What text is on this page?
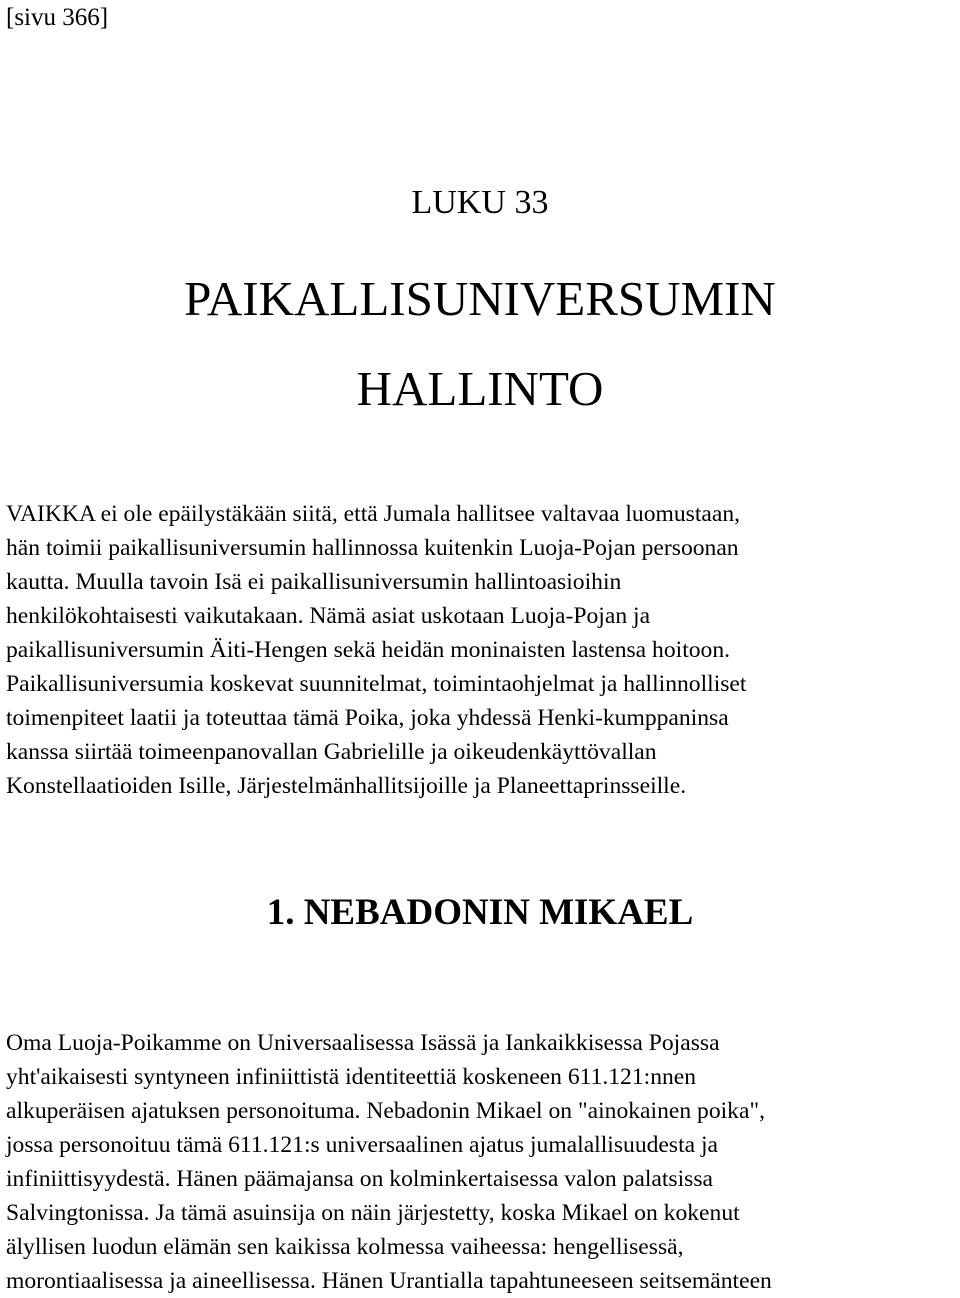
[sivu 366]

LUKU 33

PAIKALLISUNIVERSUMIN
HALLINTO

VAIKKA ei ole epäilystäkään siitä, että Jumala hallitsee valtavaa luomustaan,
hän toimii paikallisuniversumin hallinnossa kuitenkin Luoja-Pojan persoonan
kautta. Muulla tavoin Isä ei paikallisuniversumin hallintoasioihin
henkilökohtaisesti vaikutakaan. Nämä asiat uskotaan Luoja-Pojan ja
paikallisuniversumin Äiti-Hengen sekä heidän moninaisten lastensa hoitoon.
Paikallisuniversumia koskevat suunnitelmat, toimintaohjelmat ja hallinnolliset
toimenpiteet laatii ja toteuttaa tämä Poika, joka yhdessä Henki-kumppaninsa
kanssa siirtää toimeenpanovallan Gabrielille ja oikeudenkäyttövallan
Konstellaatioiden Isille, Järjestelmänhallitsijoille ja Planeettaprinsseille.

1. NEBADONIN MIKAEL

Oma Luoja-Poikamme on Universaalisessa Isässä ja Iankaikkisessa Pojassa
yht'aikaisesti syntyneen infiniittistä identiteettiä koskeneen 611.121:nnen
alkuperäisen ajatuksen personoituma. Nebadonin Mikael on "ainokainen poika",
jossa personoituu tämä 611.121:s universaalinen ajatus jumalallisuudesta ja
infiniittisyydestä. Hänen päämajansa on kolminkertaisessa valon palatsissa
Salvingtonissa. Ja tämä asuinsija on näin järjestetty, koska Mikael on kokenut
älyllisen luodun elämän sen kaikissa kolmessa vaiheessa: hengellisessä,
morontiaalisessa ja aineellisessa. Hänen Urantialla tapahtuneeseen seitsemänteen
